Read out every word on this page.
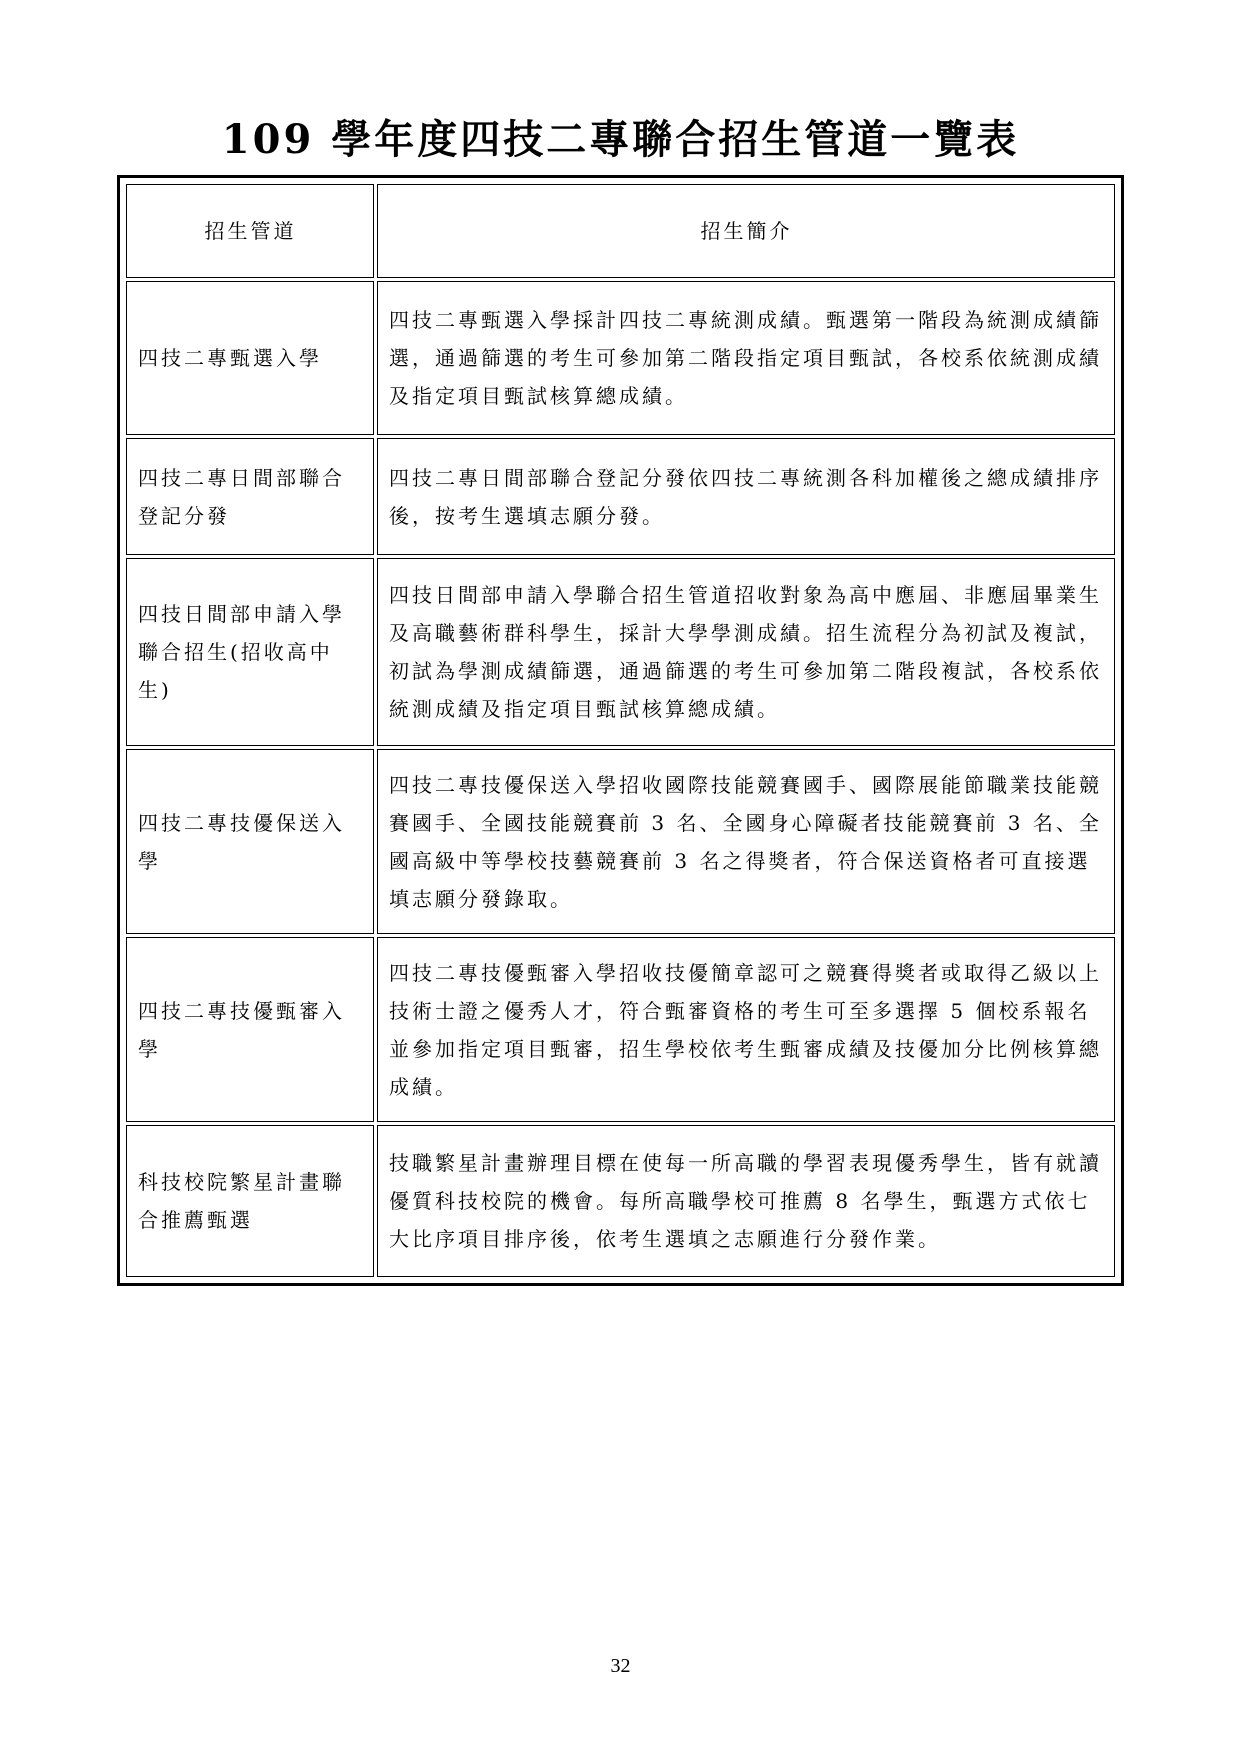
109 學年度四技二專聯合招生管道一覽表
招生管道	招生簡介
四技二專甄選入學	四技二專甄選入學採計四技二專統測成績。甄選第一階段為統測成績篩選，通過篩選的考生可參加第二階段指定項目甄試，各校系依統測成績及指定項目甄試核算總成績。
四技二專日間部聯合登記分發	四技二專日間部聯合登記分發依四技二專統測各科加權後之總成績排序後，按考生選填志願分發。
四技日間部申請入學聯合招生(招收高中生)	四技日間部申請入學聯合招生管道招收對象為高中應屆、非應屆畢業生及高職藝術群科學生，採計大學學測成績。招生流程分為初試及複試，初試為學測成績篩選，通過篩選的考生可參加第二階段複試，各校系依統測成績及指定項目甄試核算總成績。
四技二專技優保送入學	四技二專技優保送入學招收國際技能競賽國手、國際展能節職業技能競賽國手、全國技能競賽前 3 名、全國身心障礙者技能競賽前 3 名、全國高級中等學校技藝競賽前 3 名之得獎者，符合保送資格者可直接選填志願分發錄取。
四技二專技優甄審入學	四技二專技優甄審入學招收技優簡章認可之競賽得獎者或取得乙級以上技術士證之優秀人才，符合甄審資格的考生可至多選擇 5 個校系報名並參加指定項目甄審，招生學校依考生甄審成績及技優加分比例核算總成績。
科技校院繁星計畫聯合推薦甄選	技職繁星計畫辦理目標在使每一所高職的學習表現優秀學生，皆有就讀優質科技校院的機會。每所高職學校可推薦 8 名學生，甄選方式依七大比序項目排序後，依考生選填之志願進行分發作業。
32
